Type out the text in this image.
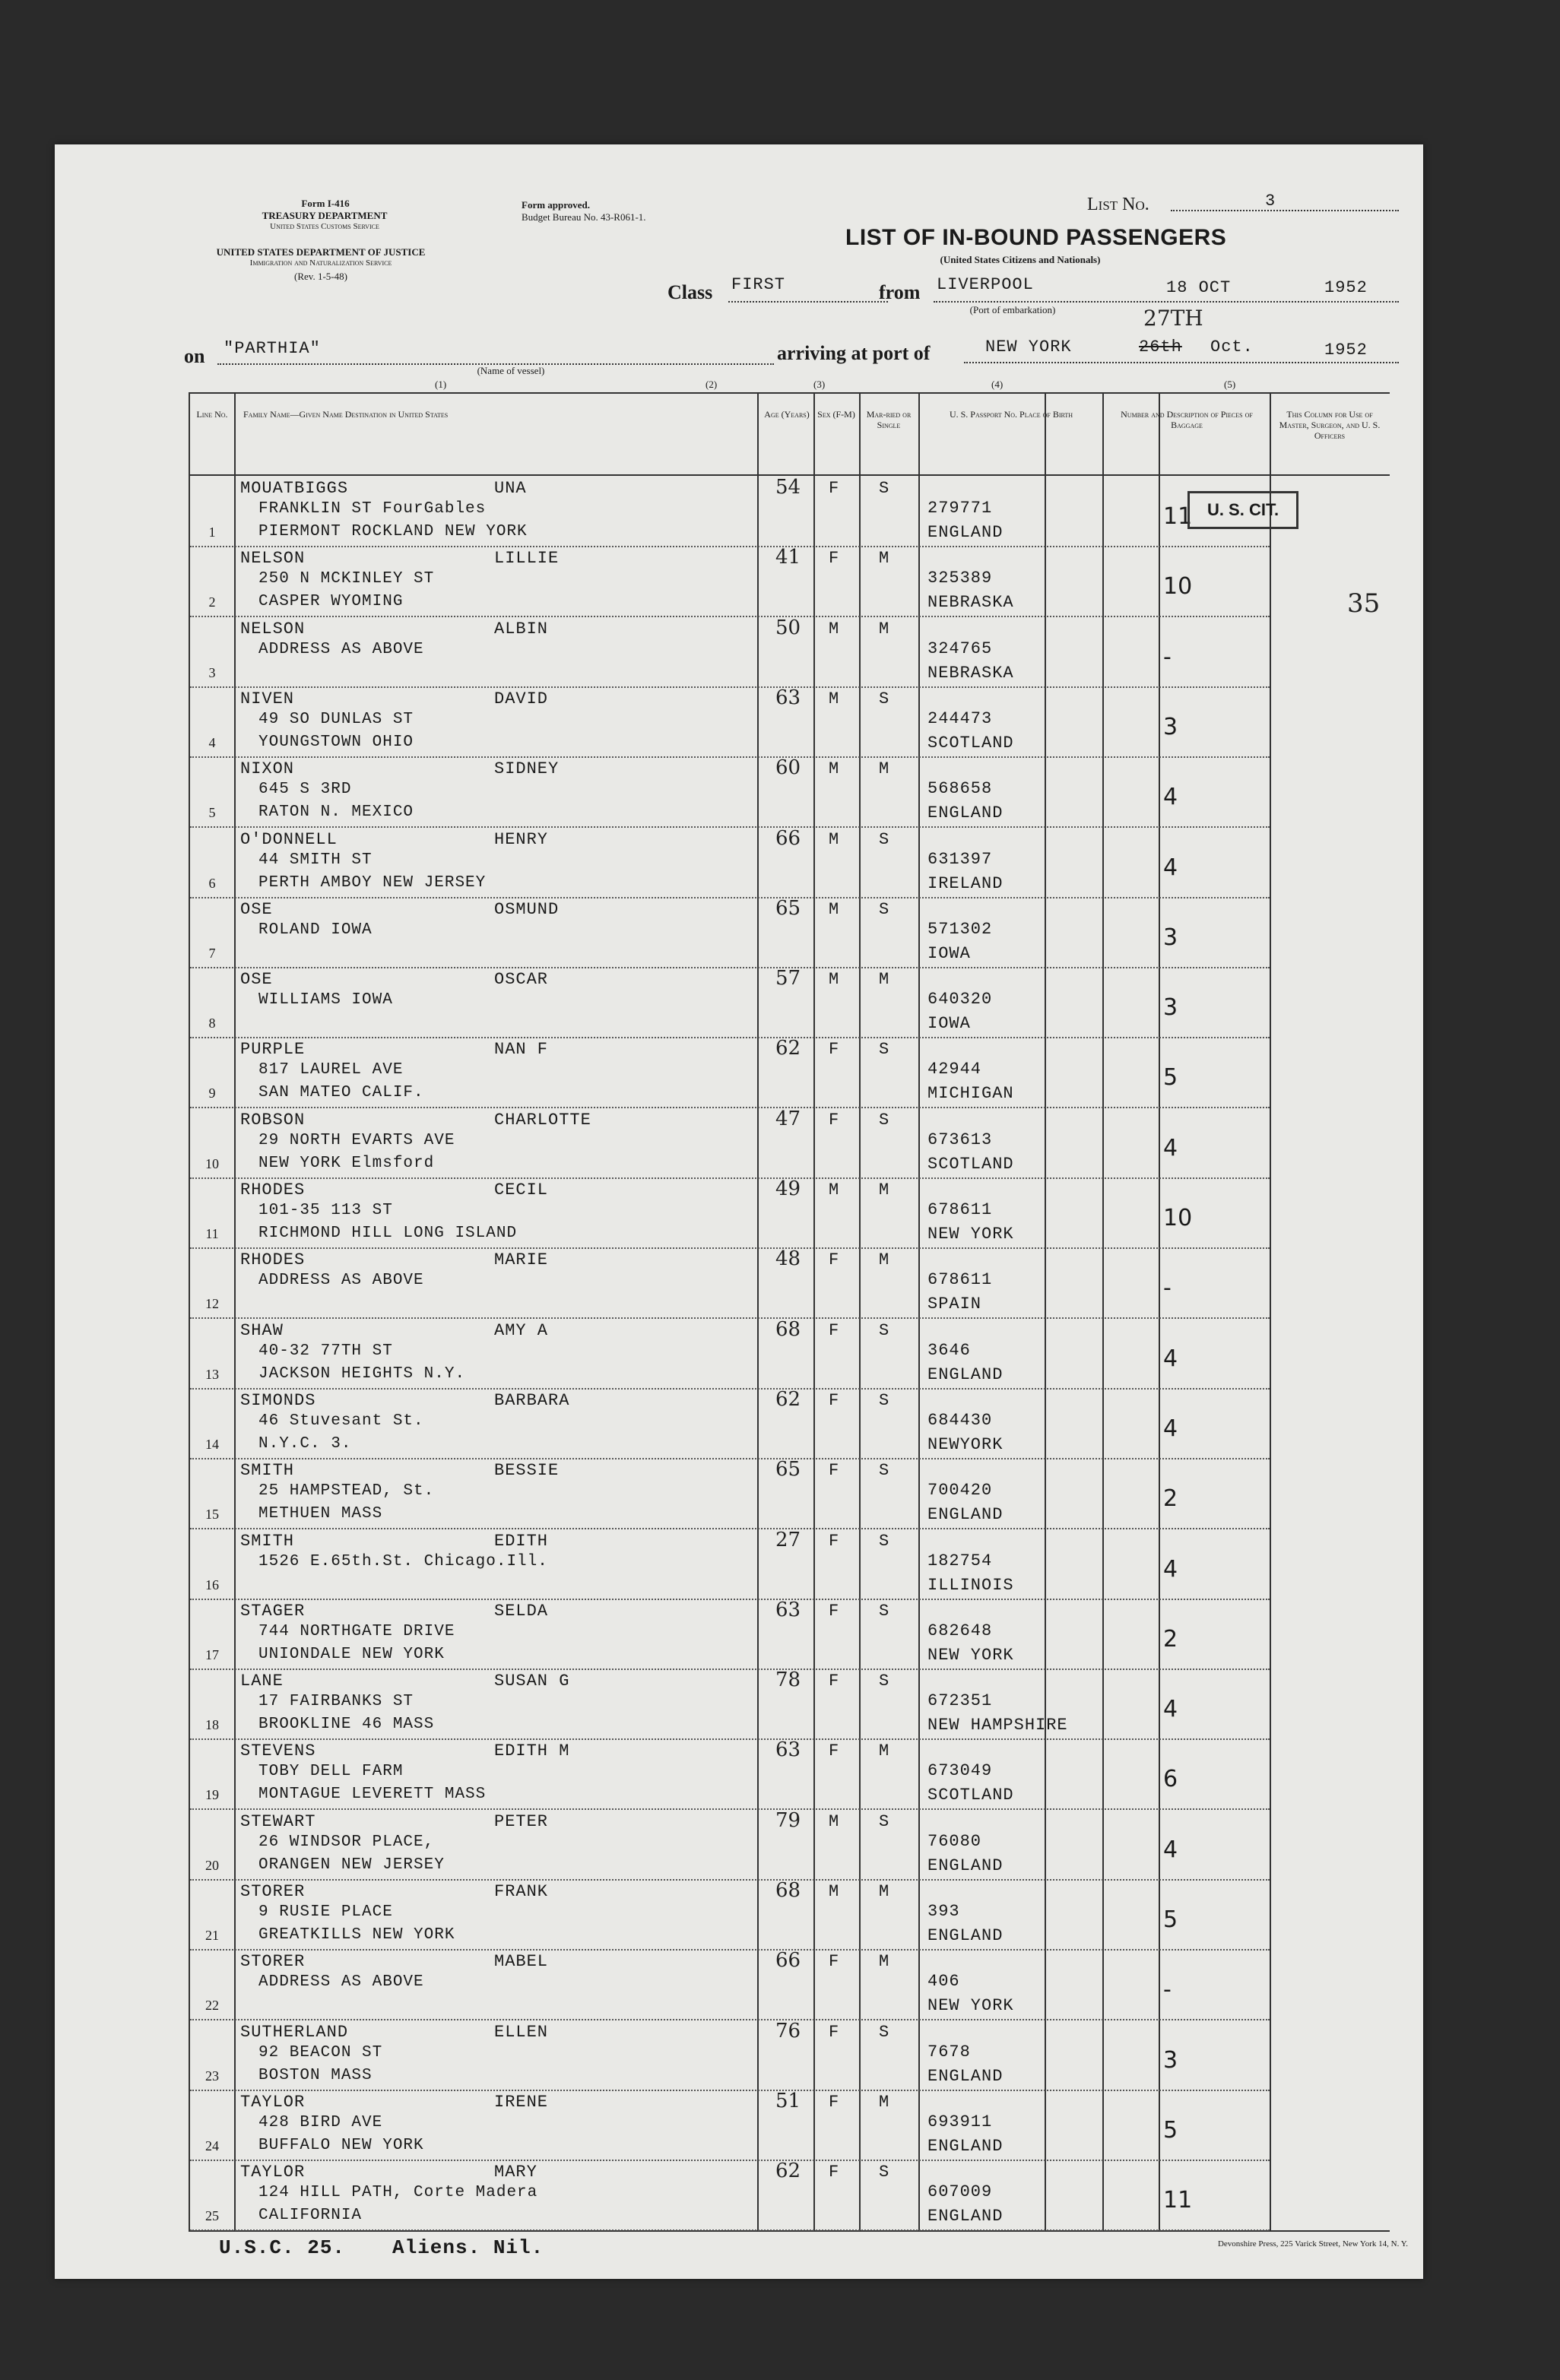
Form I-416
TREASURY DEPARTMENT
United States Customs Service
UNITED STATES DEPARTMENT OF JUSTICE
Immigration and Naturalization Service
(Rev. 1-5-48)
Form approved.
Budget Bureau No. 43-R061-1.
List No.	3
LIST OF IN-BOUND PASSENGERS
(United States Citizens and Nationals)
Class FIRST	from LIVERPOOL	18 OCT	1952
(Port of embarkation)
on "PARTHIA"
(Name of vessel)
arriving at port of	NEW YORK	26th
27TH
Oct.	1952
(1)	(2)	(3)	(4)	(5)
Line No.	Family Name—Given Name Destination in United States	Age (Years) Sex (F-M)	Mar-ried or Single
U. S. Passport No. Place of Birth	Number and Description of Pieces of Baggage
This Column for Use of Master, Surgeon, and U. S. Officers
1
MOUATBIGGS	UNA
FRANKLIN ST FourGables
PIERMONT ROCKLAND NEW YORK
54 F S
279771
ENGLAND
11
2
NELSON	LILLIE
250 N MCKINLEY ST
CASPER WYOMING
41 F M
325389
NEBRASKA
10
3
NELSON	ALBIN
ADDRESS AS ABOVE
50 M M
324765
NEBRASKA
-
4
NIVEN	DAVID
49 SO DUNLAS ST
YOUNGSTOWN OHIO
63 M S
244473
SCOTLAND
3
5
NIXON	SIDNEY
645 S 3RD
RATON N. MEXICO
60 M M
568658
ENGLAND
4
6
O'DONNELL	HENRY
44 SMITH ST
PERTH AMBOY NEW JERSEY
66 M S
631397
IRELAND
4
7
OSE	OSMUND
ROLAND IOWA
65 M S
571302
IOWA
3
8
OSE	OSCAR
WILLIAMS IOWA
57 M M
640320
IOWA
3
9
PURPLE	NAN F
817 LAUREL AVE
SAN MATEO CALIF.
62 F S
42944
MICHIGAN
5
10
ROBSON	CHARLOTTE
29 NORTH EVARTS AVE
NEW YORK Elmsford
47 F S
673613
SCOTLAND
4
11
RHODES	CECIL
101-35 113 ST
RICHMOND HILL LONG ISLAND
49 M M
678611
NEW YORK
10
12
RHODES	MARIE
ADDRESS AS ABOVE
48 F M
678611
SPAIN
-
13
SHAW	AMY A
40-32 77TH ST
JACKSON HEIGHTS N.Y.
68 F S
3646
ENGLAND
4
14
SIMONDS	BARBARA
46 Stuvesant St.
N.Y.C. 3.
62 F S
684430
NEWYORK
4
15
SMITH	BESSIE
25 HAMPSTEAD, St.
METHUEN MASS
65 F S
700420
ENGLAND
2
16
SMITH	EDITH
1526 E.65th.St. Chicago.Ill.
27 F S
182754
ILLINOIS
4
17
STAGER	SELDA
744 NORTHGATE DRIVE
UNIONDALE NEW YORK
63 F S
682648
NEW YORK
2
18
LANE	SUSAN G
17 FAIRBANKS ST
BROOKLINE 46 MASS
78 F S
672351
NEW HAMPSHIRE
4
19
STEVENS	EDITH M
TOBY DELL FARM
MONTAGUE LEVERETT MASS
63 F M
673049
SCOTLAND
6
20
STEWART	PETER
26 WINDSOR PLACE,
ORANGEN NEW JERSEY
79 M S
76080
ENGLAND
4
21
STORER	FRANK
9 RUSIE PLACE
GREATKILLS NEW YORK
68 M M
393
ENGLAND
5
22
STORER	MABEL
ADDRESS AS ABOVE
66 F M
406
NEW YORK
-
23
SUTHERLAND	ELLEN
92 BEACON ST
BOSTON MASS
76 F S
7678
ENGLAND
3
24
TAYLOR	IRENE
428 BIRD AVE
BUFFALO NEW YORK
51 F M
693911
ENGLAND
5
25
TAYLOR	MARY
124 HILL PATH, Corte Madera
CALIFORNIA
62 F S
607009
ENGLAND
11
U. S. CIT.
35
U.S.C. 25. Aliens. Nil.	Devonshire Press, 225 Varick Street, New York 14, N. Y.
